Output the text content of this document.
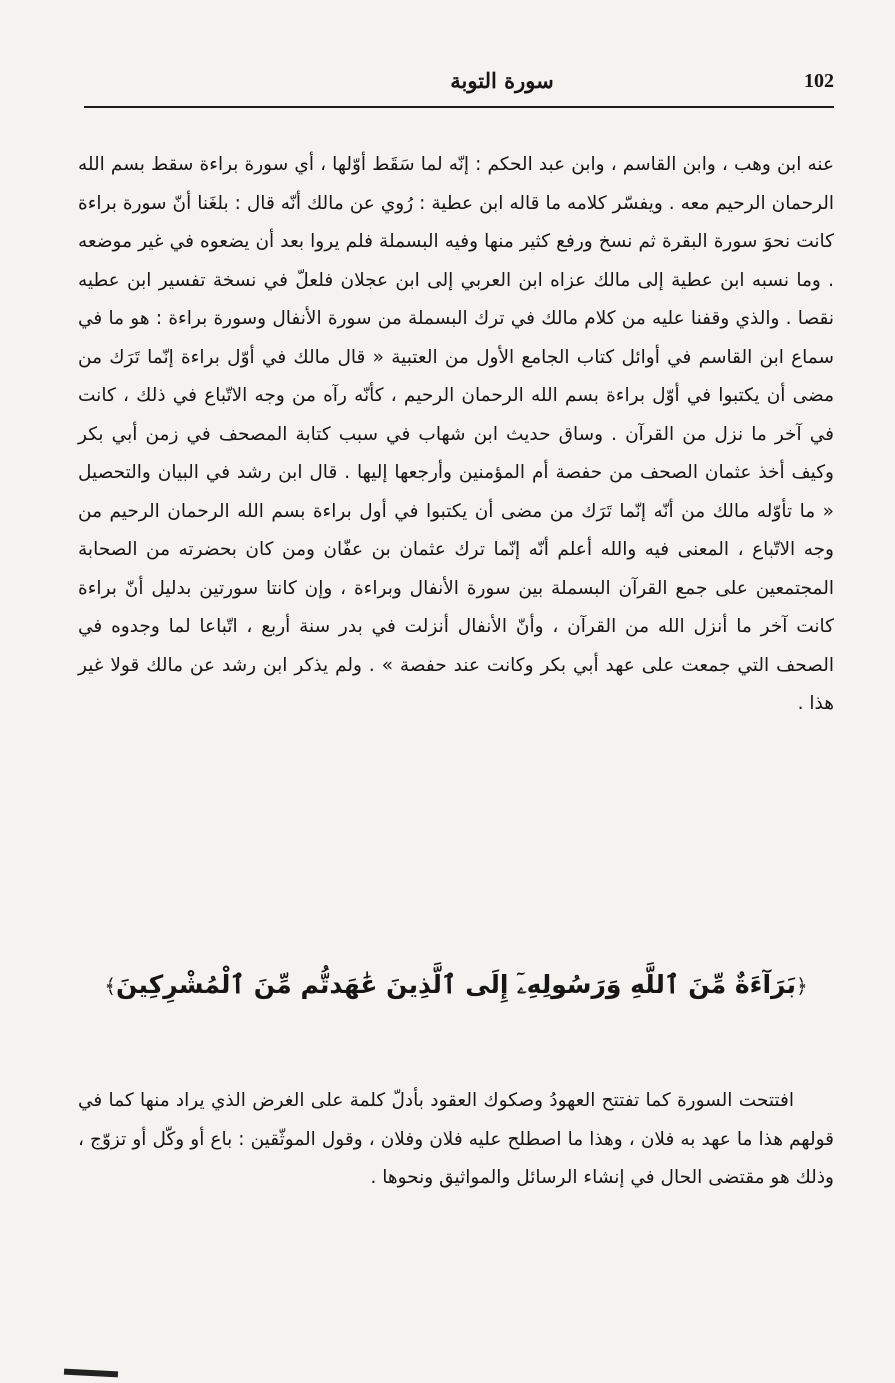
102
سورة التوبة

عنه ابن وهب ، وابن القاسم ، وابن عبد الحكم : إنّه لما سَقَط أوّلها ، أي سورة براءة سقط بسم الله الرحمان الرحيم معه . ويفسّر كلامه ما قاله ابن عطية : رُوي عن مالك أنّه قال : بلغَنا أنّ سورة براءة كانت نحوَ سورة البقرة ثم نسخ ورفع كثير منها وفيه البسملة فلم يروا بعد أن يضعوه في غير موضعه . وما نسبه ابن عطية إلى مالك عزاه ابن العربي إلى ابن عجلان فلعلّ في نسخة تفسير ابن عطيه نقصا . والذي وقفنا عليه من كلام مالك في ترك البسملة من سورة الأنفال وسورة براءة : هو ما في سماع ابن القاسم في أوائل كتاب الجامع الأول من العتبية « قال مالك في أوّل براءة إنّما تَرَك من مضى أن يكتبوا في أوّل براءة بسم الله الرحمان الرحيم ، كأنّه رآه من وجه الاتّباع في ذلك ، كانت في آخر ما نزل من القرآن . وساق حديث ابن شهاب في سبب كتابة المصحف في زمن أبي بكر وكيف أخذ عثمان الصحف من حفصة أم المؤمنين وأرجعها إليها . قال ابن رشد في البيان والتحصيل « ما تأوّله مالك من أنّه إنّما تَرَك من مضى أن يكتبوا في أول براءة بسم الله الرحمان الرحيم من وجه الاتّباع ، المعنى فيه والله أعلم أنّه إنّما ترك عثمان بن عفّان ومن كان بحضرته من الصحابة المجتمعين على جمع القرآن البسملة بين سورة الأنفال وبراءة ، وإن كانتا سورتين بدليل أنّ براءة كانت آخر ما أنزل الله من القرآن ، وأنّ الأنفال أنزلت في بدر سنة أربع ، اتّباعا لما وجدوه في الصحف التي جمعت على عهد أبي بكر وكانت عند حفصة » . ولم يذكر ابن رشد عن مالك قولا غير هذا .

﴿بَرَآءَةٌ مِّنَ ٱللَّهِ وَرَسُولِهِۦٓ إِلَى ٱلَّذِينَ عَٰهَدتُّم مِّنَ ٱلْمُشْرِكِينَ﴾

افتتحت السورة كما تفتتح العهودُ وصكوك العقود بأدلّ كلمة على الغرض الذي يراد منها كما في قولهم هذا ما عهد به فلان ، وهذا ما اصطلح عليه فلان وفلان ، وقول الموثّقين : باع أو وكّل أو تزوّج ، وذلك هو مقتضى الحال في إنشاء الرسائل والمواثيق ونحوها .
